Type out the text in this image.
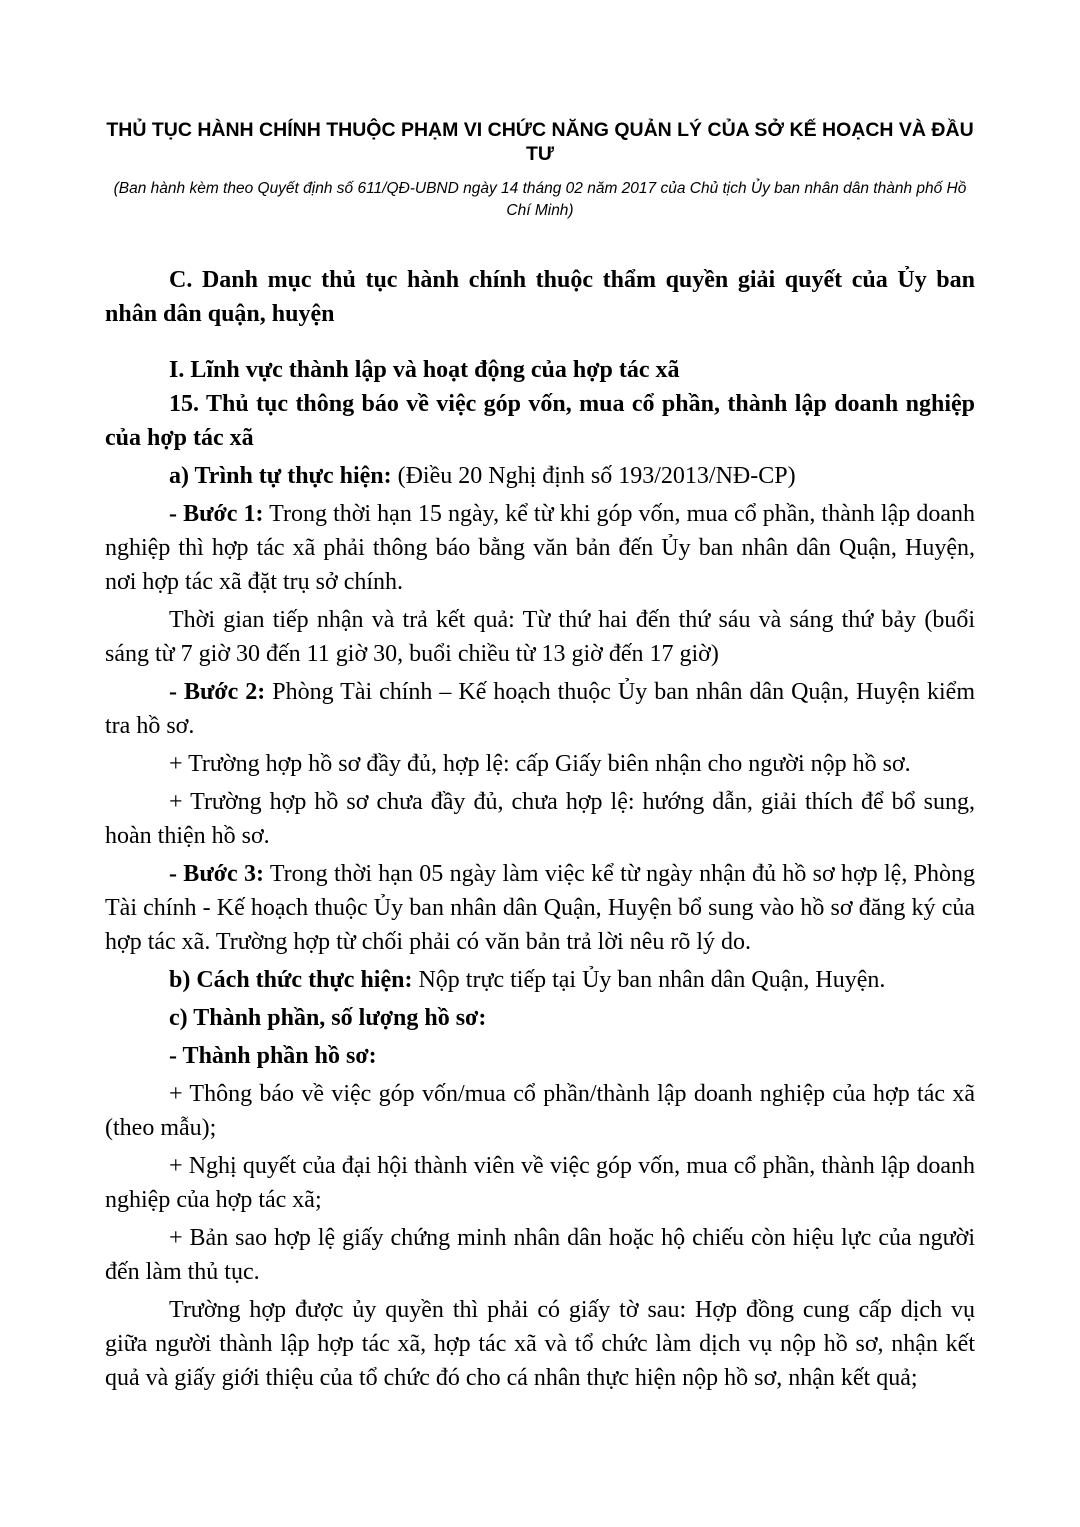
THỦ TỤC HÀNH CHÍNH THUỘC PHẠM VI CHỨC NĂNG QUẢN LÝ CỦA SỞ KẾ HOẠCH VÀ ĐẦU TƯ
(Ban hành kèm theo Quyết định số 611/QĐ-UBND ngày 14 tháng 02 năm 2017 của Chủ tịch Ủy ban nhân dân thành phố Hồ Chí Minh)

C. Danh mục thủ tục hành chính thuộc thẩm quyền giải quyết của Ủy ban nhân dân quận, huyện

I. Lĩnh vực thành lập và hoạt động của hợp tác xã

15. Thủ tục thông báo về việc góp vốn, mua cổ phần, thành lập doanh nghiệp của hợp tác xã

a) Trình tự thực hiện: (Điều 20 Nghị định số 193/2013/NĐ-CP)

- Bước 1: Trong thời hạn 15 ngày, kể từ khi góp vốn, mua cổ phần, thành lập doanh nghiệp thì hợp tác xã phải thông báo bằng văn bản đến Ủy ban nhân dân Quận, Huyện, nơi hợp tác xã đặt trụ sở chính.

Thời gian tiếp nhận và trả kết quả: Từ thứ hai đến thứ sáu và sáng thứ bảy (buổi sáng từ 7 giờ 30 đến 11 giờ 30, buổi chiều từ 13 giờ đến 17 giờ)

- Bước 2: Phòng Tài chính – Kế hoạch thuộc Ủy ban nhân dân Quận, Huyện kiểm tra hồ sơ.

+ Trường hợp hồ sơ đầy đủ, hợp lệ: cấp Giấy biên nhận cho người nộp hồ sơ.

+ Trường hợp hồ sơ chưa đầy đủ, chưa hợp lệ: hướng dẫn, giải thích để bổ sung, hoàn thiện hồ sơ.

- Bước 3: Trong thời hạn 05 ngày làm việc kể từ ngày nhận đủ hồ sơ hợp lệ, Phòng Tài chính - Kế hoạch thuộc Ủy ban nhân dân Quận, Huyện bổ sung vào hồ sơ đăng ký của hợp tác xã. Trường hợp từ chối phải có văn bản trả lời nêu rõ lý do.

b) Cách thức thực hiện: Nộp trực tiếp tại Ủy ban nhân dân Quận, Huyện.

c) Thành phần, số lượng hồ sơ:

- Thành phần hồ sơ:

+ Thông báo về việc góp vốn/mua cổ phần/thành lập doanh nghiệp của hợp tác xã (theo mẫu);

+ Nghị quyết của đại hội thành viên về việc góp vốn, mua cổ phần, thành lập doanh nghiệp của hợp tác xã;

+ Bản sao hợp lệ giấy chứng minh nhân dân hoặc hộ chiếu còn hiệu lực của người đến làm thủ tục.

Trường hợp được ủy quyền thì phải có giấy tờ sau: Hợp đồng cung cấp dịch vụ giữa người thành lập hợp tác xã, hợp tác xã và tổ chức làm dịch vụ nộp hồ sơ, nhận kết quả và giấy giới thiệu của tổ chức đó cho cá nhân thực hiện nộp hồ sơ, nhận kết quả;
